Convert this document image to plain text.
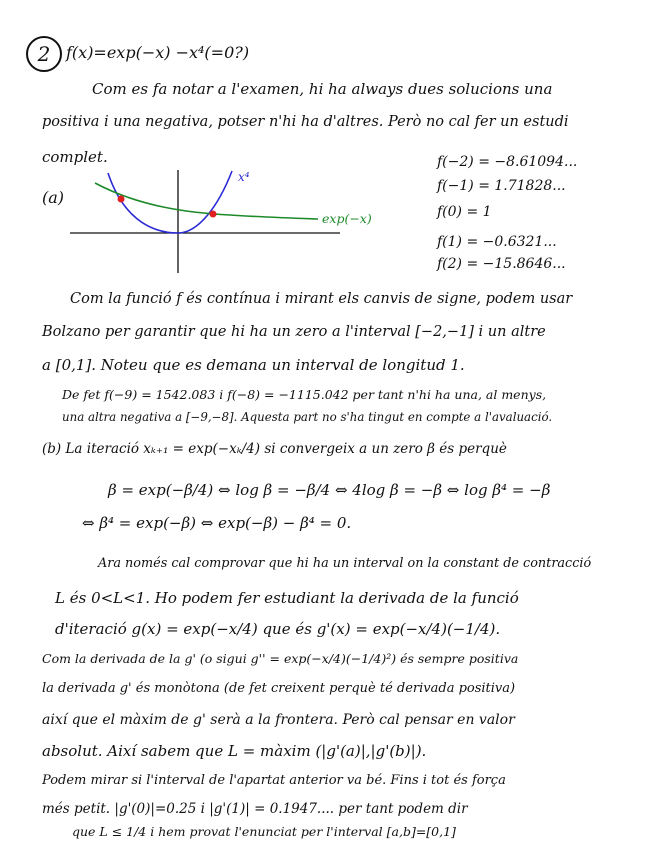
2 f(x)=exp(−x) −x⁴(=0?)
Com es fa notar a l'examen, hi ha always dues solucions una
positiva i una negativa, potser n'hi ha d'altres. Però no cal fer un estudi
complet.
(a)
x⁴
exp(−x)
f(−2) = −8.61094...
f(−1) = 1.71828...
f(0) = 1
f(1) = −0.6321...
f(2) = −15.8646...
Com la funció f és contínua i mirant els canvis de signe, podem usar
Bolzano per garantir que hi ha un zero a l'interval [−2,−1] i un altre
a [0,1]. Noteu que es demana un interval de longitud 1.
De fet f(−9) = 1542.083 i f(−8) = −1115.042 per tant n'hi ha una, al menys,
una altra negativa a [−9,−8]. Aquesta part no s'ha tingut en compte a l'avaluació.
(b) La iteració xₖ₊₁ = exp(−xₖ/4) si convergeix a un zero β és perquè
β = exp(−β/4) ⇔ log β = −β/4 ⇔ 4log β = −β ⇔ log β⁴ = −β
⇔ β⁴ = exp(−β) ⇔ exp(−β) − β⁴ = 0.
Ara només cal comprovar que hi ha un interval on la constant de contracció
L és 0<L<1. Ho podem fer estudiant la derivada de la funció
d'iteració g(x) = exp(−x/4) que és g'(x) = exp(−x/4)(−1/4).
Com la derivada de la g' (o sigui g'' = exp(−x/4)(−1/4)²) és sempre positiva
la derivada g' és monòtona (de fet creixent perquè té derivada positiva)
així que el màxim de g' serà a la frontera. Però cal pensar en valor
absolut. Així sabem que L = màxim (|g'(a)|,|g'(b)|).
Podem mirar si l'interval de l'apartat anterior va bé. Fins i tot és força
més petit. |g'(0)|=0.25 i |g'(1)| = 0.1947.... per tant podem dir
que L ≤ 1/4 i hem provat l'enunciat per l'interval [a,b]=[0,1]
